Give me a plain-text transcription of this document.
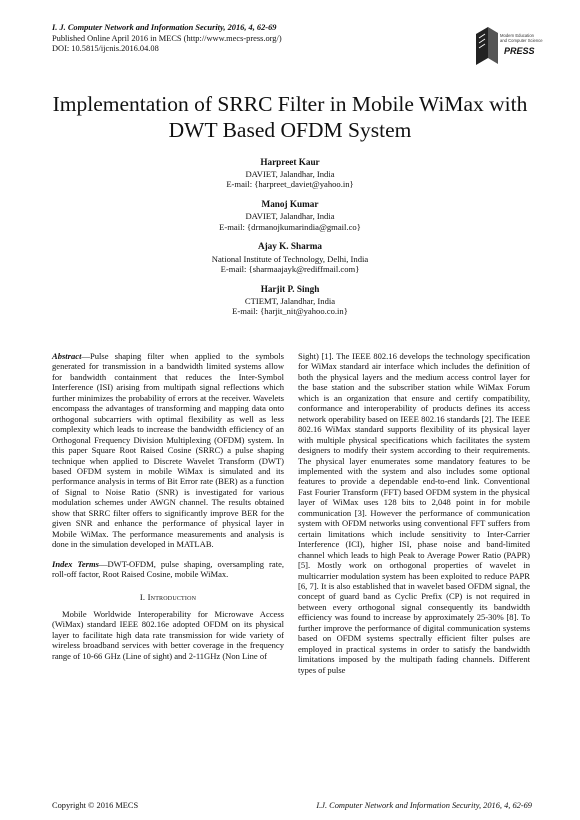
I. J. Computer Network and Information Security, 2016, 4, 62-69
Published Online April 2016 in MECS (http://www.mecs-press.org/)
DOI: 10.5815/ijcnis.2016.04.08
Modern Education
and Computer Science
PRESS
Implementation of SRRC Filter in Mobile WiMax with DWT Based OFDM System
Harpreet Kaur
DAVIET, Jalandhar, India
E-mail: {harpreet_daviet@yahoo.in}
Manoj Kumar
DAVIET, Jalandhar, India
E-mail: {drmanojkumarindia@gmail.co}
Ajay K. Sharma
National Institute of Technology, Delhi, India
E-mail: {sharmaajayk@rediffmail.com}
Harjit P. Singh
CTIEMT, Jalandhar, India
E-mail: {harjit_nit@yahoo.co.in}

Abstract—Pulse shaping filter when applied to the symbols generated for transmission in a bandwidth limited systems allow for bandwidth containment that reduces the Inter-Symbol Interference (ISI) arising from multipath signal reflections which further minimizes the probability of errors at the receiver. Wavelets encompass the advantages of transforming and mapping data onto orthogonal subcarriers with optimal flexibility as well as less complexity which leads to increase the bandwidth efficiency of an Orthogonal Frequency Division Multiplexing (OFDM) system. In this paper Square Root Raised Cosine (SRRC) a pulse shaping technique when applied to Discrete Wavelet Transform (DWT) based OFDM system in mobile WiMax is simulated and its performance analysis in terms of Bit Error rate (BER) as a function of Signal to Noise Ratio (SNR) is investigated for various modulation schemes under AWGN channel. The results obtained show that SRRC filter offers to significantly improve BER for the given SNR and enhance the performance of physical layer in Mobile WiMax. The performance measurements and analysis is done in the simulation developed in MATLAB.

Index Terms—DWT-OFDM, pulse shaping, oversampling rate, roll-off factor, Root Raised Cosine, mobile WiMax.

I. Introduction

Mobile Worldwide Interoperability for Microwave Access (WiMax) standard IEEE 802.16e adopted OFDM on its physical layer to facilitate high data rate transmission for wide variety of wireless broadband services with better coverage in the frequency range of 10-66 GHz (Line of sight) and 2-11GHz (Non Line of

Sight) [1]. The IEEE 802.16 develops the technology specification for WiMax standard air interface which includes the definition of both the physical layers and the medium access control layer for the base station and the subscriber station while WiMax Forum which is an organization that ensure and certify compatibility, conformance and interoperability of products defines its access network operability based on IEEE 802.16 standards [2]. The IEEE 802.16 WiMax standard supports flexibility of its physical layer with multiple physical specifications which facilitates the system designers to modify their system according to their requirements. The physical layer enumerates some mandatory features to be implemented with the system and also includes some optional features to provide a dependable end-to-end link. Conventional Fast Fourier Transform (FFT) based OFDM system in the physical layer of WiMax uses 128 bits to 2,048 point in for mobile communication [3]. However the performance of communication system with OFDM networks using conventional FFT suffers from certain limitations which include sensitivity to Inter-Carrier Interference (ICI), higher ISI, phase noise and band-limited channel which leads to high Peak to Average Power Ratio (PAPR) [5]. Mostly work on orthogonal properties of wavelet in multicarrier modulation system has been exploited to reduce PAPR [6, 7]. It is also established that in wavelet based OFDM signal, the concept of guard band as Cyclic Prefix (CP) is not required in between every orthogonal signal consequently its bandwidth efficiency was found to increase by approximately 25-30% [8]. To further improve the performance of digital communication systems based on OFDM systems spectrally efficient filter pulses are employed in practical systems in order to satisfy the bandwidth limitations imposed by the multipath fading channels. Different types of pulse

Copyright © 2016 MECS	I.J. Computer Network and Information Security, 2016, 4, 62-69
